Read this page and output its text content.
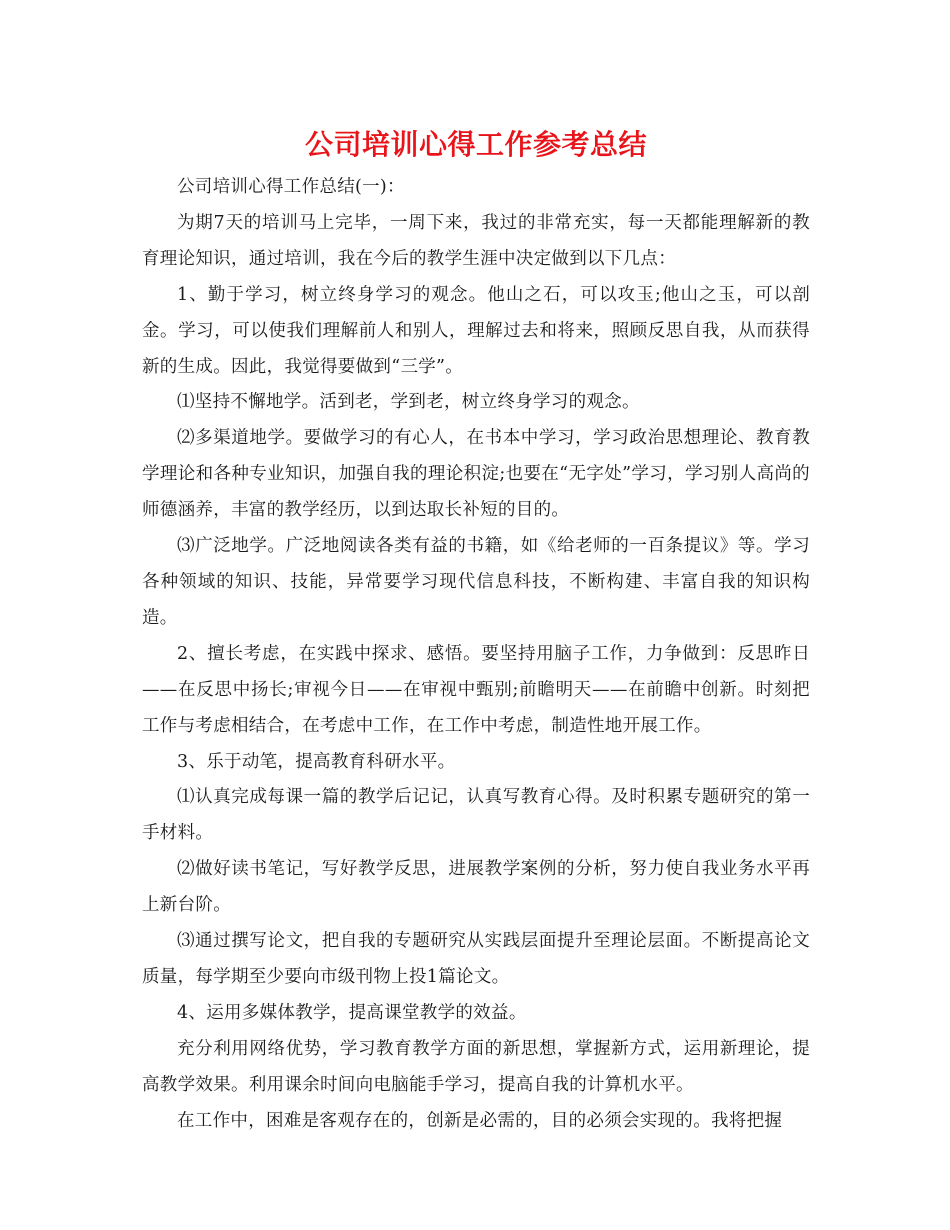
公司培训心得工作参考总结

公司培训心得工作总结(一)：

为期7天的培训马上完毕，一周下来，我过的非常充实，每一天都能理解新的教育理论知识，通过培训，我在今后的教学生涯中决定做到以下几点：

1、勤于学习，树立终身学习的观念。他山之石，可以攻玉;他山之玉，可以剖金。学习，可以使我们理解前人和别人，理解过去和将来，照顾反思自我，从而获得新的生成。因此，我觉得要做到“三学”。

⑴坚持不懈地学。活到老，学到老，树立终身学习的观念。

⑵多渠道地学。要做学习的有心人，在书本中学习，学习政治思想理论、教育教学理论和各种专业知识，加强自我的理论积淀;也要在“无字处”学习，学习别人高尚的师德涵养，丰富的教学经历，以到达取长补短的目的。

⑶广泛地学。广泛地阅读各类有益的书籍，如《给老师的一百条提议》等。学习各种领域的知识、技能，异常要学习现代信息科技，不断构建、丰富自我的知识构造。

2、擅长考虑，在实践中探求、感悟。要坚持用脑子工作，力争做到：反思昨日——在反思中扬长;审视今日——在审视中甄别;前瞻明天——在前瞻中创新。时刻把工作与考虑相结合，在考虑中工作，在工作中考虑，制造性地开展工作。

3、乐于动笔，提高教育科研水平。

⑴认真完成每课一篇的教学后记记，认真写教育心得。及时积累专题研究的第一手材料。

⑵做好读书笔记，写好教学反思，进展教学案例的分析，努力使自我业务水平再上新台阶。

⑶通过撰写论文，把自我的专题研究从实践层面提升至理论层面。不断提高论文质量，每学期至少要向市级刊物上投1篇论文。

4、运用多媒体教学，提高课堂教学的效益。

充分利用网络优势，学习教育教学方面的新思想，掌握新方式，运用新理论，提高教学效果。利用课余时间向电脑能手学习，提高自我的计算机水平。

在工作中，困难是客观存在的，创新是必需的，目的必须会实现的。我将把握
